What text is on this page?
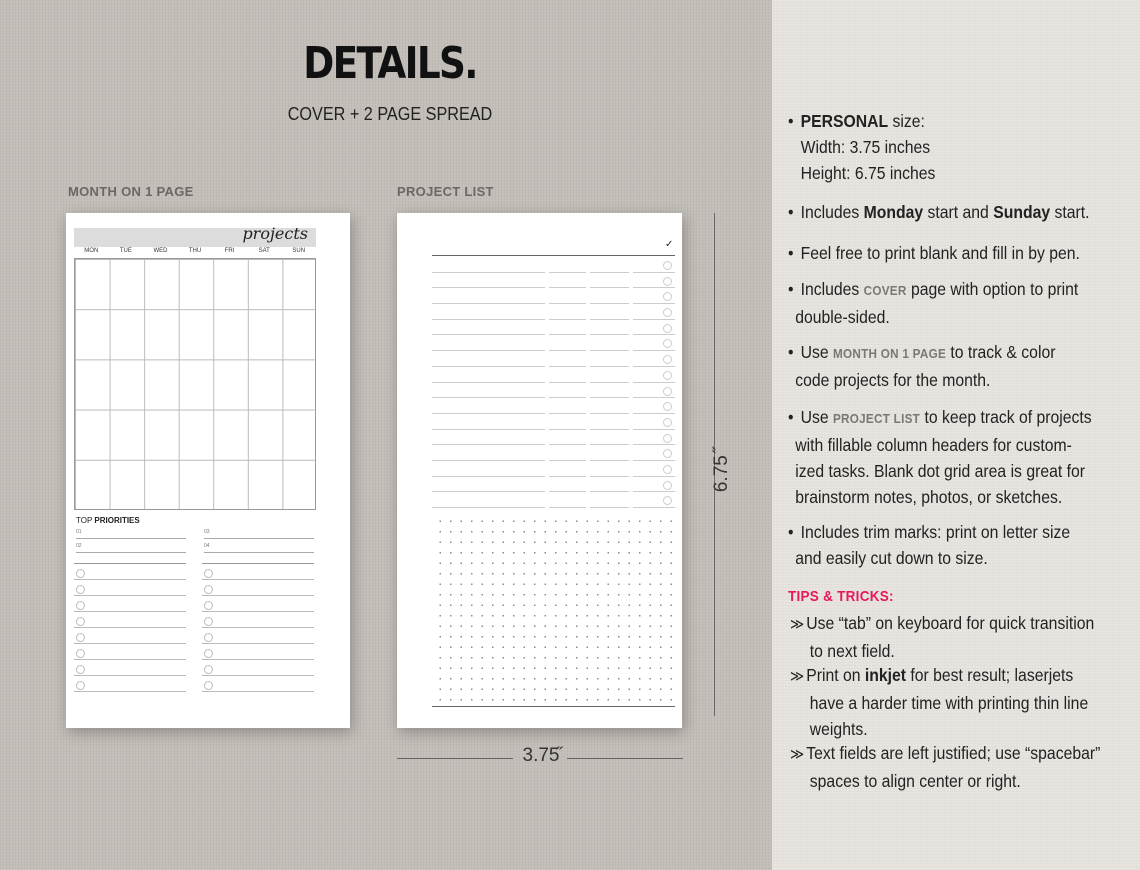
DETAILS.
COVER + 2 PAGE SPREAD
MONTH ON 1 PAGE	PROJECT LIST
projects
MON	TUE	WED	THU	FRI	SAT	SUN
TOP PRIORITIES
01	03
02	04
✓
6.75 ̋
3.75̋
• PERSONAL size:
Width: 3.75 inches
Height: 6.75 inches
• Includes Monday start and Sunday start.
• Feel free to print blank and fill in by pen.
• Includes COVER page with option to print
double-sided.
• Use MONTH ON 1 PAGE to track & color
code projects for the month.
• Use PROJECT LIST to keep track of projects
with fillable column headers for custom-
ized tasks. Blank dot grid area is great for
brainstorm notes, photos, or sketches.
• Includes trim marks: print on letter size
and easily cut down to size.
TIPS & TRICKS:
≫ Use “tab” on keyboard for quick transition
to next field.
≫ Print on inkjet for best result; laserjets
have a harder time with printing thin line
weights.
≫ Text fields are left justified; use “spacebar”
spaces to align center or right.
